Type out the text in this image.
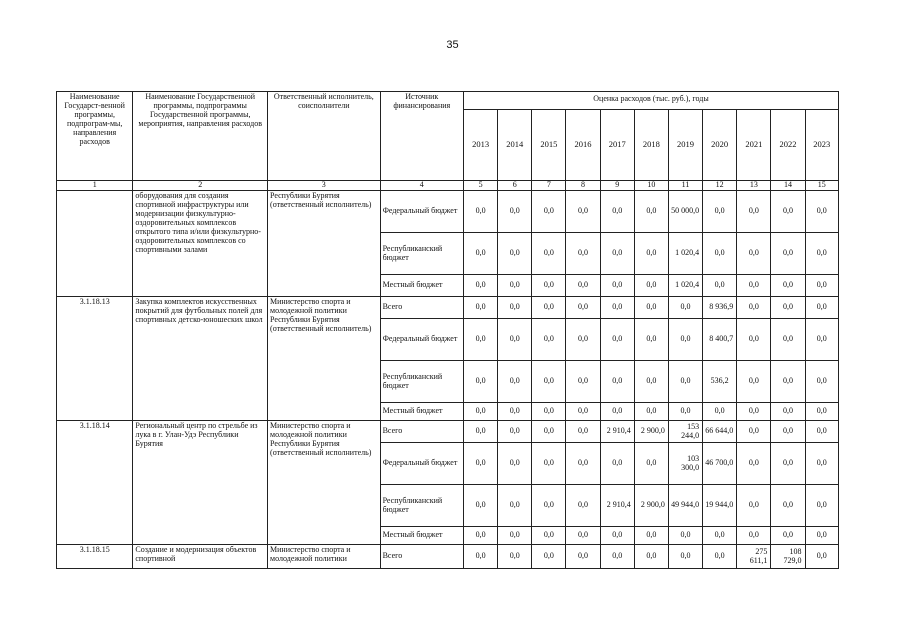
35
Наименование Государст-венной программы, подпрограм-мы, направления расходов	Наименование Государственной программы, подпрограммы Государственной программы, мероприятия, направления расходов	Ответственный исполнитель, соисполнители	Источник финансирования	Оценка расходов (тыс. руб.), годы										
				2013	2014	2015	2016	2017	2018	2019	2020	2021	2022	2023
1	2	3	4	5	6	7	8	9	10	11	12	13	14	15
	оборудования для создания спортивной инфраструктуры или модернизации физкультурно-оздоровительных комплексов открытого типа и/или физкультурно-оздоровительных комплексов со спортивными залами	Республики Бурятия (ответственный исполнитель)	Федеральный бюджет	0,0	0,0	0,0	0,0	0,0	0,0	50 000,0	0,0	0,0	0,0	0,0
			Республиканский бюджет	0,0	0,0	0,0	0,0	0,0	0,0	1 020,4	0,0	0,0	0,0	0,0
			Местный бюджет	0,0	0,0	0,0	0,0	0,0	0,0	1 020,4	0,0	0,0	0,0	0,0
3.1.18.13	Закупка комплектов искусственных покрытий для футбольных полей для спортивных детско-юношеских школ	Министерство спорта и молодежной политики Республики Бурятия (ответственный исполнитель)	Всего	0,0	0,0	0,0	0,0	0,0	0,0	0,0	8 936,9	0,0	0,0	0,0
			Федеральный бюджет	0,0	0,0	0,0	0,0	0,0	0,0	0,0	8 400,7	0,0	0,0	0,0
			Республиканский бюджет	0,0	0,0	0,0	0,0	0,0	0,0	0,0	536,2	0,0	0,0	0,0
			Местный бюджет	0,0	0,0	0,0	0,0	0,0	0,0	0,0	0,0	0,0	0,0	0,0
3.1.18.14	Региональный центр по стрельбе из лука в г. Улан-Удэ Республики Бурятия	Министерство спорта и молодежной политики Республики Бурятия (ответственный исполнитель)	Всего	0,0	0,0	0,0	0,0	2 910,4	2 900,0	153 244,0	66 644,0	0,0	0,0	0,0
			Федеральный бюджет	0,0	0,0	0,0	0,0	0,0	0,0	103 300,0	46 700,0	0,0	0,0	0,0
			Республиканский бюджет	0,0	0,0	0,0	0,0	2 910,4	2 900,0	49 944,0	19 944,0	0,0	0,0	0,0
			Местный бюджет	0,0	0,0	0,0	0,0	0,0	0,0	0,0	0,0	0,0	0,0	0,0
3.1.18.15	Создание и модернизация объектов спортивной	Министерство спорта и молодежной политики	Всего	0,0	0,0	0,0	0,0	0,0	0,0	0,0	0,0	275 611,1	108 729,0	0,0
